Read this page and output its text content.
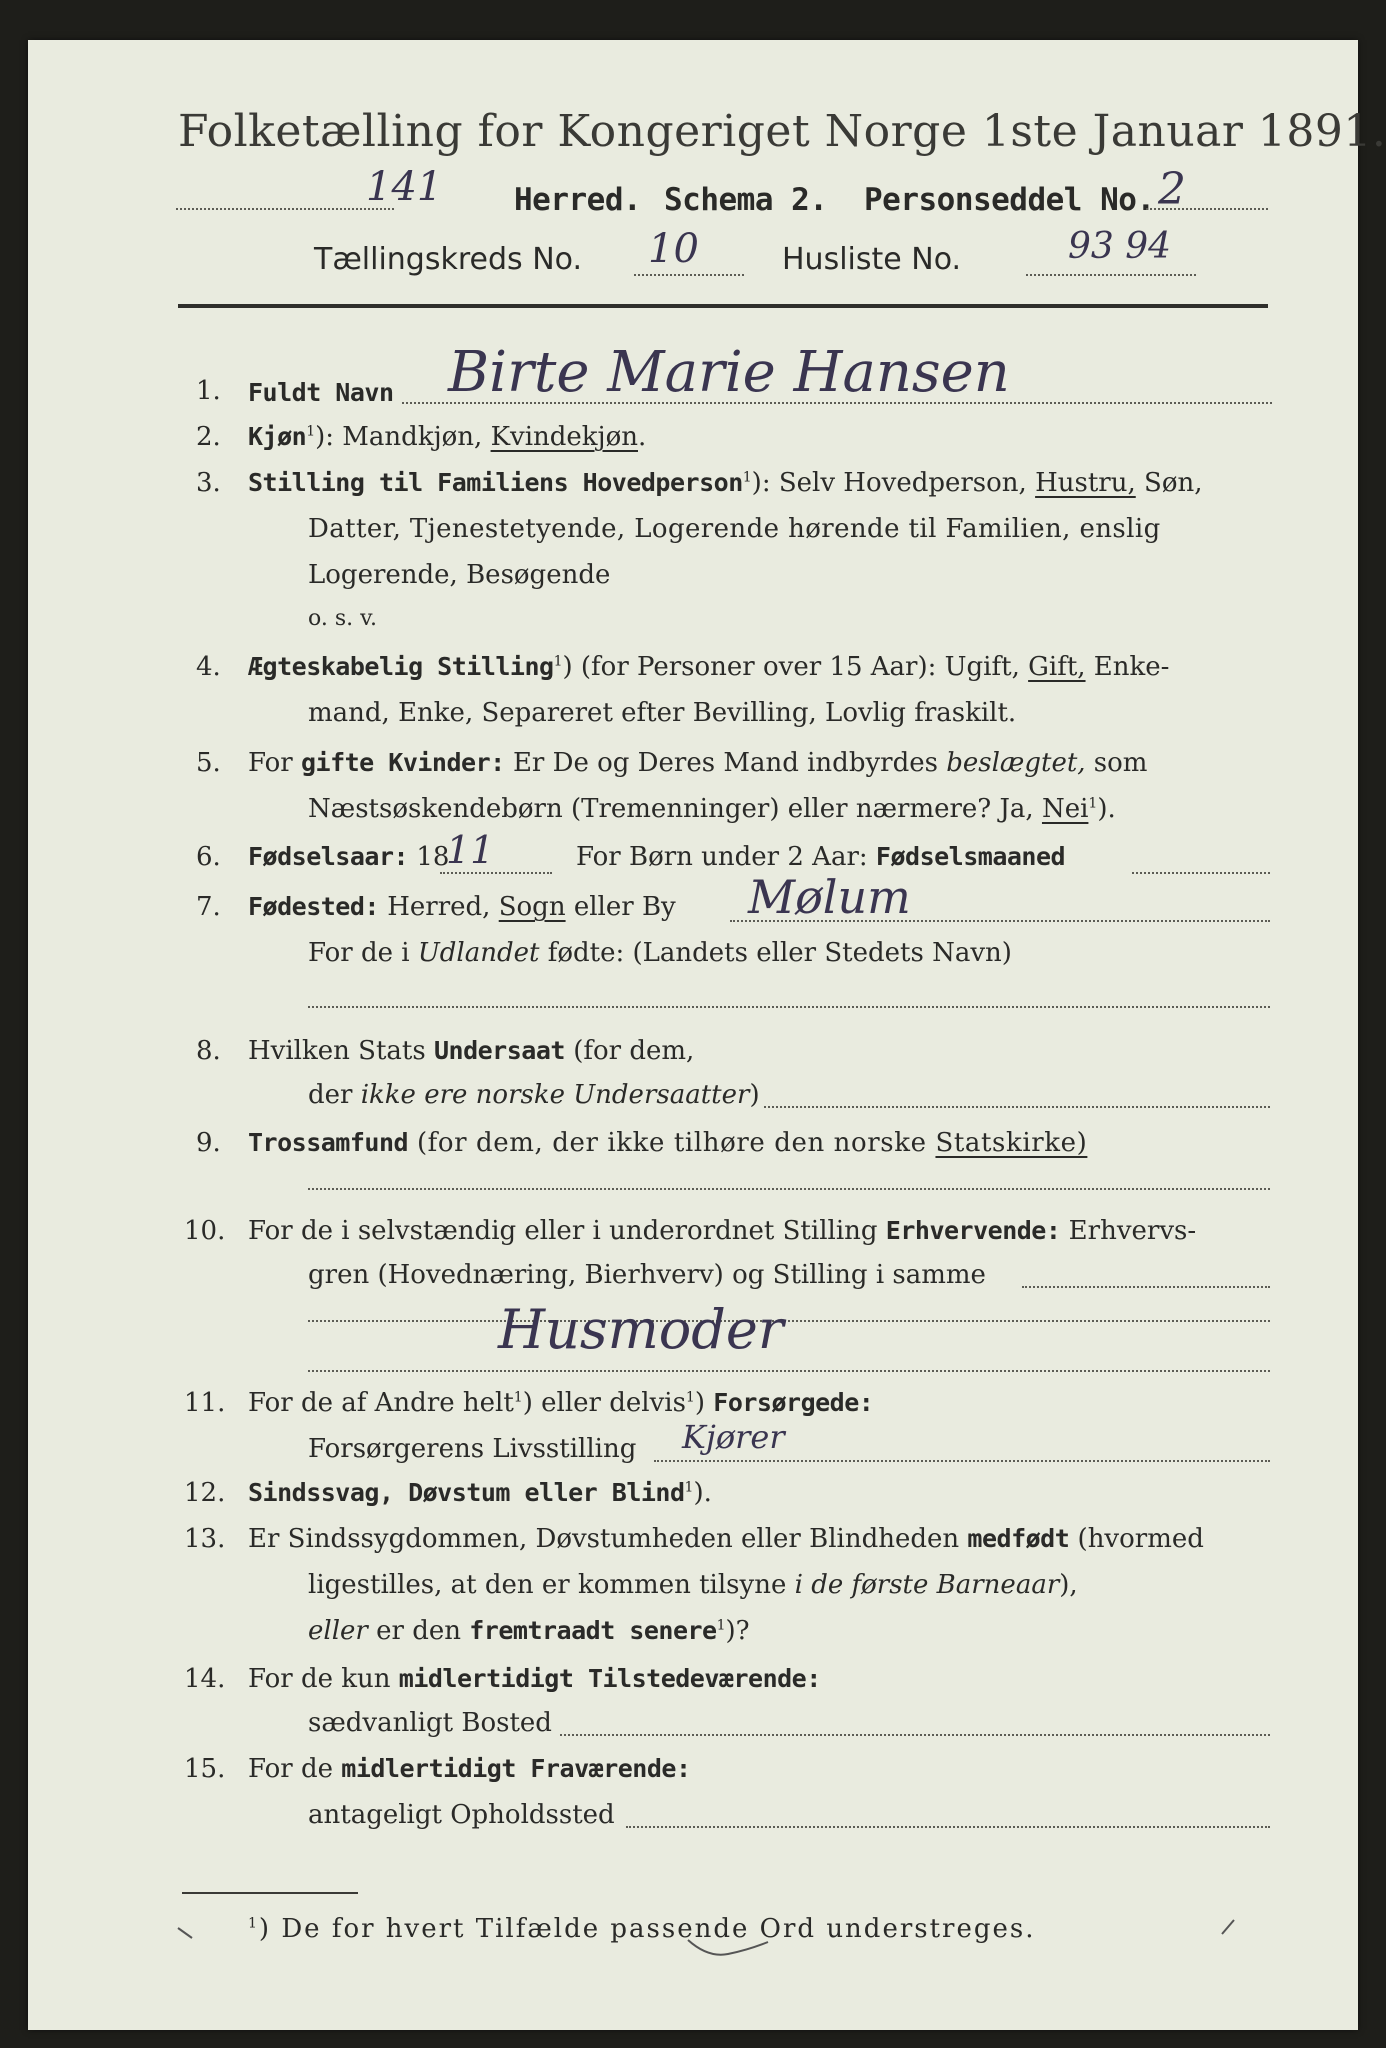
Folketælling for Kongeriget Norge 1ste Januar 1891.
141 Herred. Schema 2. Personseddel No. 2
Tællingskreds No. 10	Husliste No.	93 94
1. Fuldt Navn Birte Marie Hansen
2. Kjøn$^1$): Mandkjøn, Kvindekjøn.
3. Stilling til Familiens Hovedperson$^1$): Selv Hovedperson, Hustru, Søn,
Datter, Tjenestetyende, Logerende hørende til Familien, enslig
Logerende, Besøgende
o. s. v.
4. Ægteskabelig Stilling$^1$) (for Personer over 15 Aar): Ugift, Gift, Enke-
mand, Enke, Separeret efter Bevilling, Lovlig fraskilt.
5. For gifte Kvinder: Er De og Deres Mand indbyrdes beslægtet, som
Næstsøskendebørn (Tremenninger) eller nærmere? Ja, Nei$^1$).
6. Fødselsaar: 18
11	For Børn under 2 Aar: Fødselsmaaned
7. Fødested: Herred, Sogn eller By Mølum
For de i Udlandet fødte: (Landets eller Stedets Navn)
8. Hvilken Stats Undersaat (for dem,
der ikke ere norske Undersaatter)
9. Trossamfund (for dem, der ikke tilhøre den norske Statskirke)
10. For de i selvstændig eller i underordnet Stilling Erhvervende: Erhvervs-
gren (Hovednæring, Bierhverv) og Stilling i samme
Husmoder
11. For de af Andre helt$^1$) eller delvis$^1$) Forsørgede:
Forsørgerens Livsstilling Kjører
12. Sindssvag, Døvstum eller Blind$^1$).
13. Er Sindssygdommen, Døvstumheden eller Blindheden medfødt (hvormed
ligestilles, at den er kommen tilsyne i de første Barneaar),
eller er den fremtraadt senere$^1$)?
14. For de kun midlertidigt Tilstedeværende:
sædvanligt Bosted
15. For de midlertidigt Fraværende:
antageligt Opholdssted
$^1$) De for hvert Tilfælde passende Ord understreges.
